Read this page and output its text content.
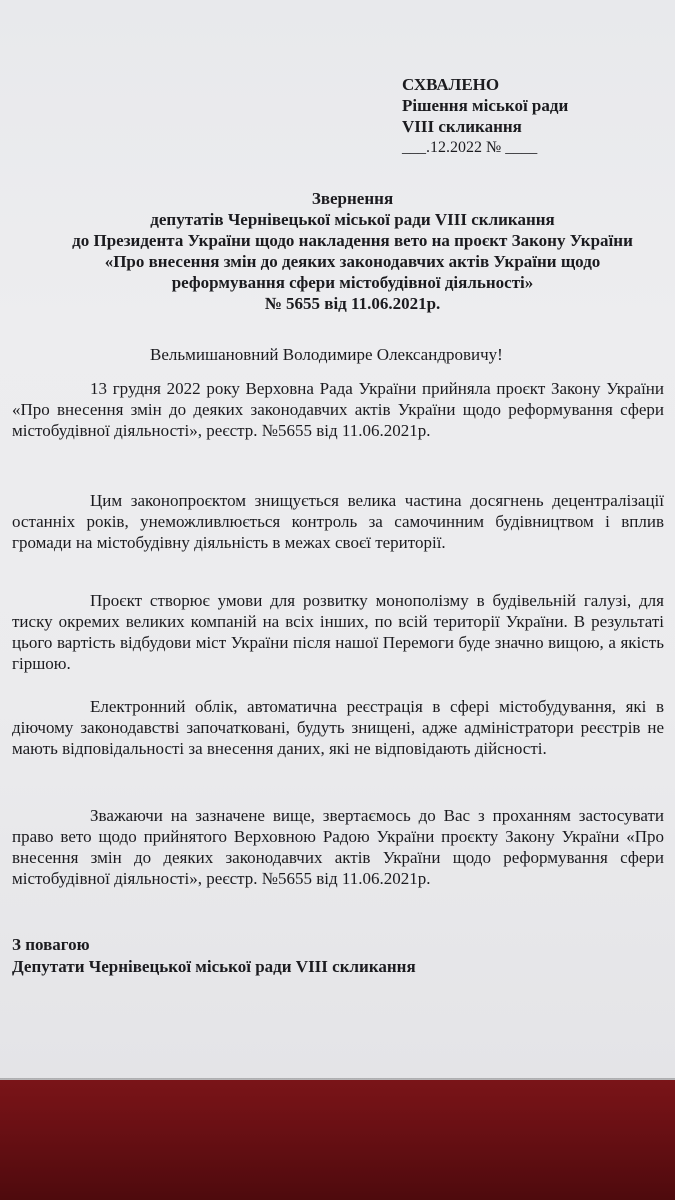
СХВАЛЕНО
Рішення міської ради
VIII скликання
___.12.2022 № ____
Звернення
депутатів Чернівецької міської ради VIII скликання
до Президента України щодо накладення вето на проєкт Закону України
«Про внесення змін до деяких законодавчих актів України щодо
реформування сфери містобудівної діяльності»
№ 5655 від 11.06.2021р.
Вельмишановний Володимире Олександровичу!
13 грудня 2022 року Верховна Рада України прийняла проєкт Закону України «Про внесення змін до деяких законодавчих актів України щодо реформування сфери містобудівної діяльності», реєстр. №5655 від 11.06.2021р.
Цим законопроєктом знищується велика частина досягнень децентралізації останніх років, унеможливлюється контроль за самочинним будівництвом і вплив громади на містобудівну діяльність в межах своєї території.
Проєкт створює умови для розвитку монополізму в будівельній галузі, для тиску окремих великих компаній на всіх інших, по всій території України. В результаті цього вартість відбудови міст України після нашої Перемоги буде значно вищою, а якість гіршою.
Електронний облік, автоматична реєстрація в сфері містобудування, які в діючому законодавстві започатковані, будуть знищені, адже адміністратори реєстрів не мають відповідальності за внесення даних, які не відповідають дійсності.
Зважаючи на зазначене вище, звертаємось до Вас з проханням застосувати право вето щодо прийнятого Верховною Радою України проєкту Закону України «Про внесення змін до деяких законодавчих актів України щодо реформування сфери містобудівної діяльності», реєстр. №5655 від 11.06.2021р.
З повагою
Депутати Чернівецької міської ради VIII скликання
